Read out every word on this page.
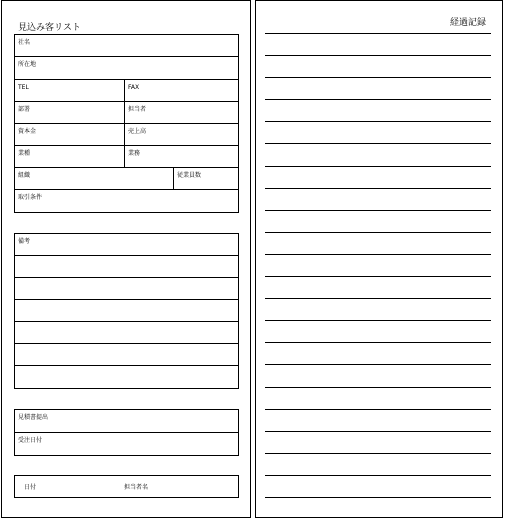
見込み客リスト
社名
所在地
TEL	FAX
部署	担当者
資本金	売上高
業種	業務
組織	従業員数
取引条件
備考
見積書提出
受注日付
日付	担当者名
経過記録
